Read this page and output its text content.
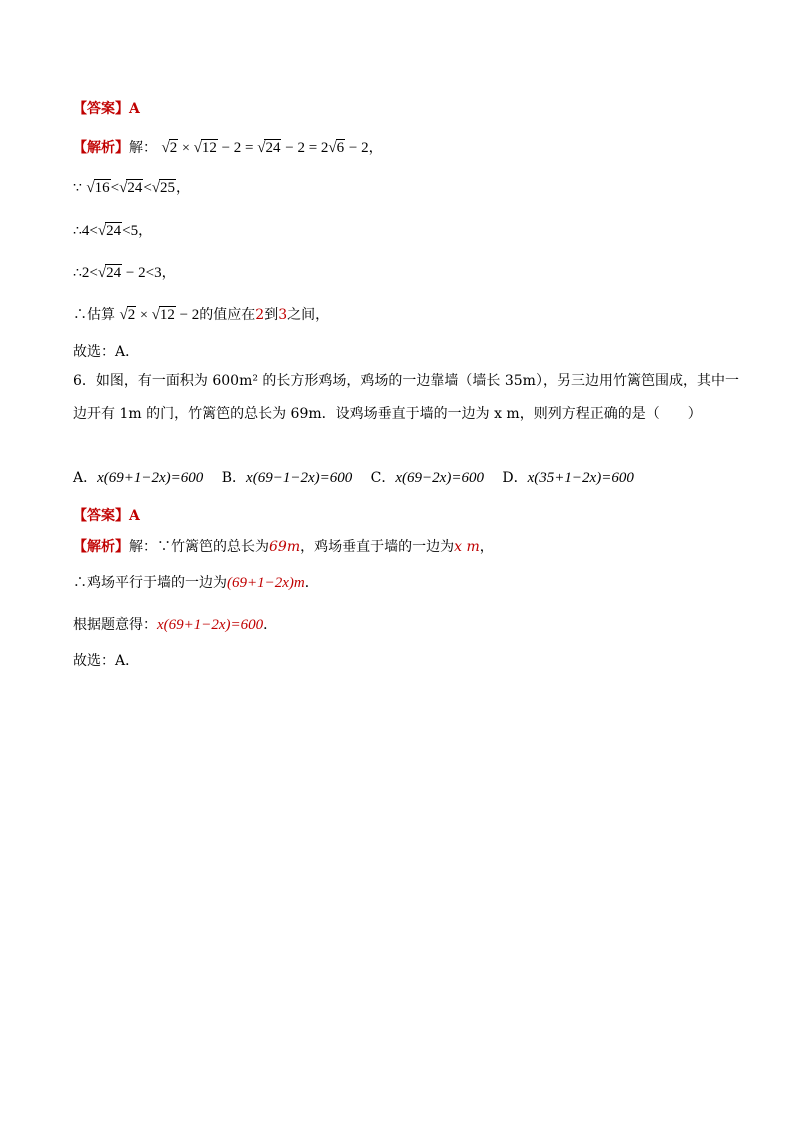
【答案】A
【解析】解： √2 × √12 − 2 = √24 − 2 = 2√6 − 2，
∵ √16<√24<√25，
∴4<√24<5，
∴2<√24 − 2<3，
∴估算 √2 × √12 − 2的值应在2到3之间，
故选：A．
6．如图，有一面积为 600m² 的长方形鸡场，鸡场的一边靠墙（墙长 35m），另三边用竹篱笆围成，其中一
边开有 1m 的门，竹篱笆的总长为 69m．设鸡场垂直于墙的一边为 x m，则列方程正确的是（　　）
A．x(69+1−2x)=600 B．x(69−1−2x)=600 C．x(69−2x)=600 D．x(35+1−2x)=600
【答案】A
【解析】解：∵竹篱笆的总长为69m，鸡场垂直于墙的一边为x m，
∴鸡场平行于墙的一边为(69+1−2x)m．
根据题意得：x(69+1−2x)=600．
故选：A．
